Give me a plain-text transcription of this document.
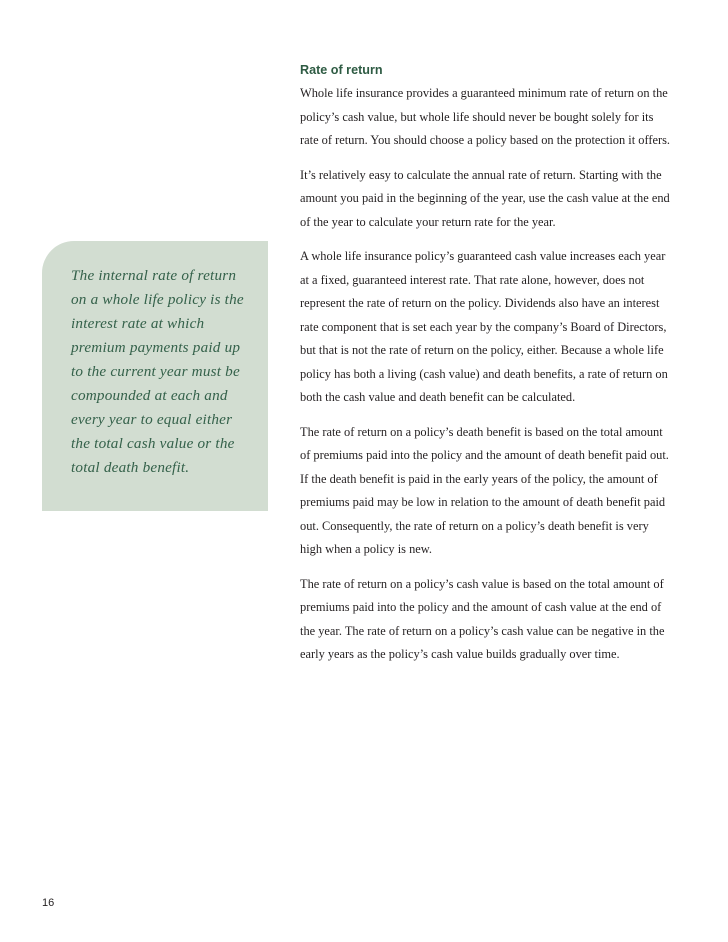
The internal rate of return
on a whole life policy is the
interest rate at which
premium payments paid up
to the current year must be
compounded at each and
every year to equal either
the total cash value or the
total death benefit.

Rate of return

Whole life insurance provides a guaranteed minimum rate of return on the
policy’s cash value, but whole life should never be bought solely for its
rate of return. You should choose a policy based on the protection it offers.

It’s relatively easy to calculate the annual rate of return. Starting with the
amount you paid in the beginning of the year, use the cash value at the end
of the year to calculate your return rate for the year.

A whole life insurance policy’s guaranteed cash value increases each year
at a fixed, guaranteed interest rate. That rate alone, however, does not
represent the rate of return on the policy. Dividends also have an interest
rate component that is set each year by the company’s Board of Directors,
but that is not the rate of return on the policy, either. Because a whole life
policy has both a living (cash value) and death benefits, a rate of return on
both the cash value and death benefit can be calculated.

The rate of return on a policy’s death benefit is based on the total amount
of premiums paid into the policy and the amount of death benefit paid out.
If the death benefit is paid in the early years of the policy, the amount of
premiums paid may be low in relation to the amount of death benefit paid
out. Consequently, the rate of return on a policy’s death benefit is very
high when a policy is new.

The rate of return on a policy’s cash value is based on the total amount of
premiums paid into the policy and the amount of cash value at the end of
the year. The rate of return on a policy’s cash value can be negative in the
early years as the policy’s cash value builds gradually over time.

16
